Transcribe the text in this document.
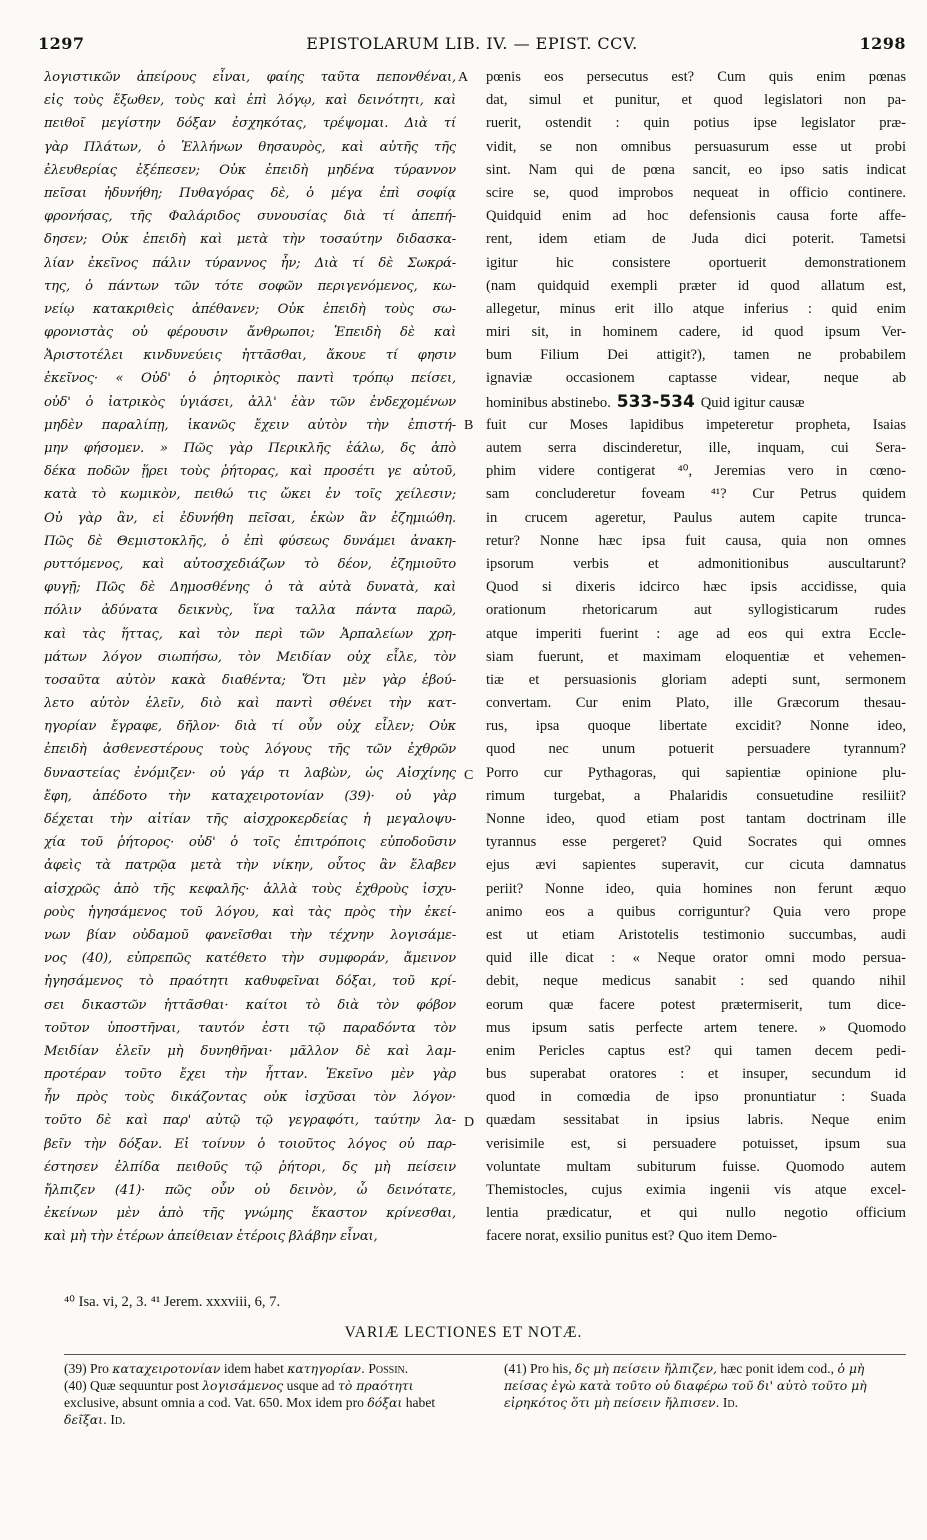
1297	EPISTOLARUM LIB. IV. — EPIST. CCV.	1298
λογιστικῶν ἀπείρους εἶναι, φαίης ταῦτα πεπονθέναι,
εἰς τοὺς ἔξωθεν, τοὺς καὶ ἐπὶ λόγῳ, καὶ δεινότητι, καὶ
πειθοῖ μεγίστην δόξαν ἐσχηκότας, τρέψομαι. Διὰ τί
γὰρ Πλάτων, ὁ Ἑλλήνων θησαυρὸς, καὶ αὐτῆς τῆς
ἐλευθερίας ἐξέπεσεν; Οὐκ ἐπειδὴ μηδένα τύραννον
πεῖσαι ἠδυνήθη; Πυθαγόρας δὲ, ὁ μέγα ἐπὶ σοφίᾳ
φρονήσας, τῆς Φαλάριδος συνουσίας διὰ τί ἀπεπή-
δησεν; Οὐκ ἐπειδὴ καὶ μετὰ τὴν τοσαύτην διδασκα-
λίαν ἐκεῖνος πάλιν τύραννος ἦν; Διὰ τί δὲ Σωκρά-
της, ὁ πάντων τῶν τότε σοφῶν περιγενόμενος, κω-
νείῳ κατακριθεὶς ἀπέθανεν; Οὐκ ἐπειδὴ τοὺς σω-
φρονιστὰς οὐ φέρουσιν ἄνθρωποι; Ἐπειδὴ δὲ καὶ
Ἀριστοτέλει κινδυνεύεις ἡττᾶσθαι, ἄκουε τί φησιν
ἐκεῖνος· « Οὐδ' ὁ ῥητορικὸς παντὶ τρόπῳ πείσει,
οὐδ' ὁ ἰατρικὸς ὑγιάσει, ἀλλ' ἐὰν τῶν ἐνδεχομένων
μηδὲν παραλίπῃ, ἱκανῶς ἔχειν αὐτὸν τὴν ἐπιστή-
μην φήσομεν. » Πῶς γὰρ Περικλῆς ἑάλω, δς ἀπὸ
δέκα ποδῶν ᾕρει τοὺς ῥήτορας, καὶ προσέτι γε αὐτοῦ,
κατὰ τὸ κωμικὸν, πειθώ τις ὤκει ἐν τοῖς χείλεσιν;
Οὐ γὰρ ἂν, εἰ ἐδυνήθη πεῖσαι, ἑκὼν ἂν ἐζημιώθη.
Πῶς δὲ Θεμιστοκλῆς, ὁ ἐπὶ φύσεως δυνάμει ἀνακη-
ρυττόμενος, καὶ αὐτοσχεδιάζων τὸ δέον, ἐζημιοῦτο
φυγῇ; Πῶς δὲ Δημοσθένης ὁ τὰ αὐτὰ δυνατὰ, καὶ
πόλιν ἀδύνατα δεικνὺς, ἵνα ταλλα πάντα παρῶ,
καὶ τὰς ἥττας, καὶ τὸν περὶ τῶν Ἀρπαλείων χρη-
μάτων λόγον σιωπήσω, τὸν Μειδίαν οὐχ εἷλε, τὸν
τοσαῦτα αὐτὸν κακὰ διαθέντα; Ὅτι μὲν γὰρ ἐβού-
λετο αὐτὸν ἑλεῖν, διὸ καὶ παντὶ σθένει τὴν κατ-
ηγορίαν ἔγραφε, δῆλον· διὰ τί οὖν οὐχ εἷλεν; Οὐκ
ἐπειδὴ ἀσθενεστέρους τοὺς λόγους τῆς τῶν ἐχθρῶν
δυναστείας ἐνόμιζεν· οὐ γάρ τι λαβὼν, ὡς Αἰσχίνης
ἔφη, ἀπέδοτο τὴν καταχειροτονίαν (39)· οὐ γὰρ
δέχεται τὴν αἰτίαν τῆς αἰσχροκερδείας ἡ μεγαλοψυ-
χία τοῦ ῥήτορος· οὐδ' ὁ τοῖς ἐπιτρόποις εὐποδοῦσιν
ἀφεὶς τὰ πατρῷα μετὰ τὴν νίκην, οὗτος ἂν ἔλαβεν
αἰσχρῶς ἀπὸ τῆς κεφαλῆς· ἀλλὰ τοὺς ἐχθροὺς ἰσχυ-
ροὺς ἡγησάμενος τοῦ λόγου, καὶ τὰς πρὸς τὴν ἐκεί-
νων βίαν οὐδαμοῦ φανεῖσθαι τὴν τέχνην λογισάμε-
νος (40), εὐπρεπῶς κατέθετο τὴν συμφοράν, ἄμεινον
ἡγησάμενος τὸ πραότητι καθυφεῖναι δόξαι, τοῦ κρί-
σει δικαστῶν ἡττᾶσθαι· καίτοι τὸ διὰ τὸν φόβον
τοῦτον ὑποστῆναι, ταυτόν ἐστι τῷ παραδόντα τὸν
Μειδίαν ἑλεῖν μὴ δυνηθῆναι· μᾶλλον δὲ καὶ λαμ-
προτέραν τοῦτο ἔχει τὴν ἧτταν. Ἐκεῖνο μὲν γὰρ
ἦν πρὸς τοὺς δικάζοντας οὐκ ἰσχῦσαι τὸν λόγον·
τοῦτο δὲ καὶ παρ' αὐτῷ τῷ γεγραφότι, ταύτην λα-
βεῖν τὴν δόξαν. Εἰ τοίνυν ὁ τοιοῦτος λόγος οὐ παρ-
έστησεν ἐλπίδα πειθοῦς τῷ ῥήτορι, δς μὴ πείσειν
ἤλπιζεν (41)· πῶς οὖν οὐ δεινὸν, ὦ δεινότατε,
ἐκείνων μὲν ἀπὸ τῆς γνώμης ἕκαστον κρίνεσθαι,
καὶ μὴ τὴν ἑτέρων ἀπείθειαν ἑτέροις βλάβην εἶναι,
pœnis eos persecutus est? Cum quis enim pœnas
dat, simul et punitur, et quod legislatori non pa-
ruerit, ostendit : quin potius ipse legislator præ-
vidit, se non omnibus persuasurum esse ut probi
sint. Nam qui de pœna sancit, eo ipso satis indicat
scire se, quod improbos nequeat in officio continere.
Quidquid enim ad hoc defensionis causa forte affe-
rent, idem etiam de Juda dici poterit. Tametsi
igitur hic consistere oportuerit demonstrationem
(nam quidquid exempli præter id quod allatum est,
allegetur, minus erit illo atque inferius : quid enim
miri sit, in hominem cadere, id quod ipsum Ver-
bum Filium Dei attigit?), tamen ne probabilem
ignaviæ occasionem captasse videar, neque ab
hominibus abstinebo. 533-534 Quid igitur causæ
fuit cur Moses lapidibus impeteretur propheta, Isaias
autem serra discinderetur, ille, inquam, cui Sera-
phim videre contigerat ⁴⁰, Jeremias vero in cœno-
sam concluderetur foveam ⁴¹? Cur Petrus quidem
in crucem ageretur, Paulus autem capite trunca-
retur? Nonne hæc ipsa fuit causa, quia non omnes
ipsorum verbis et admonitionibus auscultarunt?
Quod si dixeris idcirco hæc ipsis accidisse, quia
orationum rhetoricarum aut syllogisticarum rudes
atque imperiti fuerint : age ad eos qui extra Eccle-
siam fuerunt, et maximam eloquentiæ et vehemen-
tiæ et persuasionis gloriam adepti sunt, sermonem
convertam. Cur enim Plato, ille Græcorum thesau-
rus, ipsa quoque libertate excidit? Nonne ideo,
quod nec unum potuerit persuadere tyrannum?
Porro cur Pythagoras, qui sapientiæ opinione plu-
rimum turgebat, a Phalaridis consuetudine resiliit?
Nonne ideo, quod etiam post tantam doctrinam ille
tyrannus esse pergeret? Quid Socrates qui omnes
ejus ævi sapientes superavit, cur cicuta damnatus
periit? Nonne ideo, quia homines non ferunt æquo
animo eos a quibus corriguntur? Quia vero prope
est ut etiam Aristotelis testimonio succumbas, audi
quid ille dicat : « Neque orator omni modo persua-
debit, neque medicus sanabit : sed quando nihil
eorum quæ facere potest prætermiserit, tum dice-
mus ipsum satis perfecte artem tenere. » Quomodo
enim Pericles captus est? qui tamen decem pedi-
bus superabat oratores : et insuper, secundum id
quod in comœdia de ipso pronuntiatur : Suada
quædam sessitabat in ipsius labris. Neque enim
verisimile est, si persuadere potuisset, ipsum sua
voluntate multam subiturum fuisse. Quomodo autem
Themistocles, cujus eximia ingenii vis atque excel-
lentia prædicatur, et qui nullo negotio officium
facere norat, exsilio punitus est? Quo item Demo-
A
B
C
D
⁴⁰ Isa. vi, 2, 3. ⁴¹ Jerem. xxxviii, 6, 7.
VARIÆ LECTIONES ET NOTÆ.

(39) Pro καταχειροτονίαν idem habet κατηγορίαν. Possin.

(40) Quæ sequuntur post λογισάμενος usque ad τὸ πραότητι exclusive, absunt omnia a cod. Vat. 650. Mox idem pro δόξαι habet δεῖξαι. Id.

(41) Pro his, δς μὴ πείσειν ἤλπιζεν, hæc ponit idem cod., ὁ μὴ πείσας ἐγὼ κατὰ τοῦτο οὐ διαφέρω τοῦ δι' αὐτὸ τοῦτο μὴ εἰρηκότος ὅτι μὴ πείσειν ἤλπισεν. Id.
